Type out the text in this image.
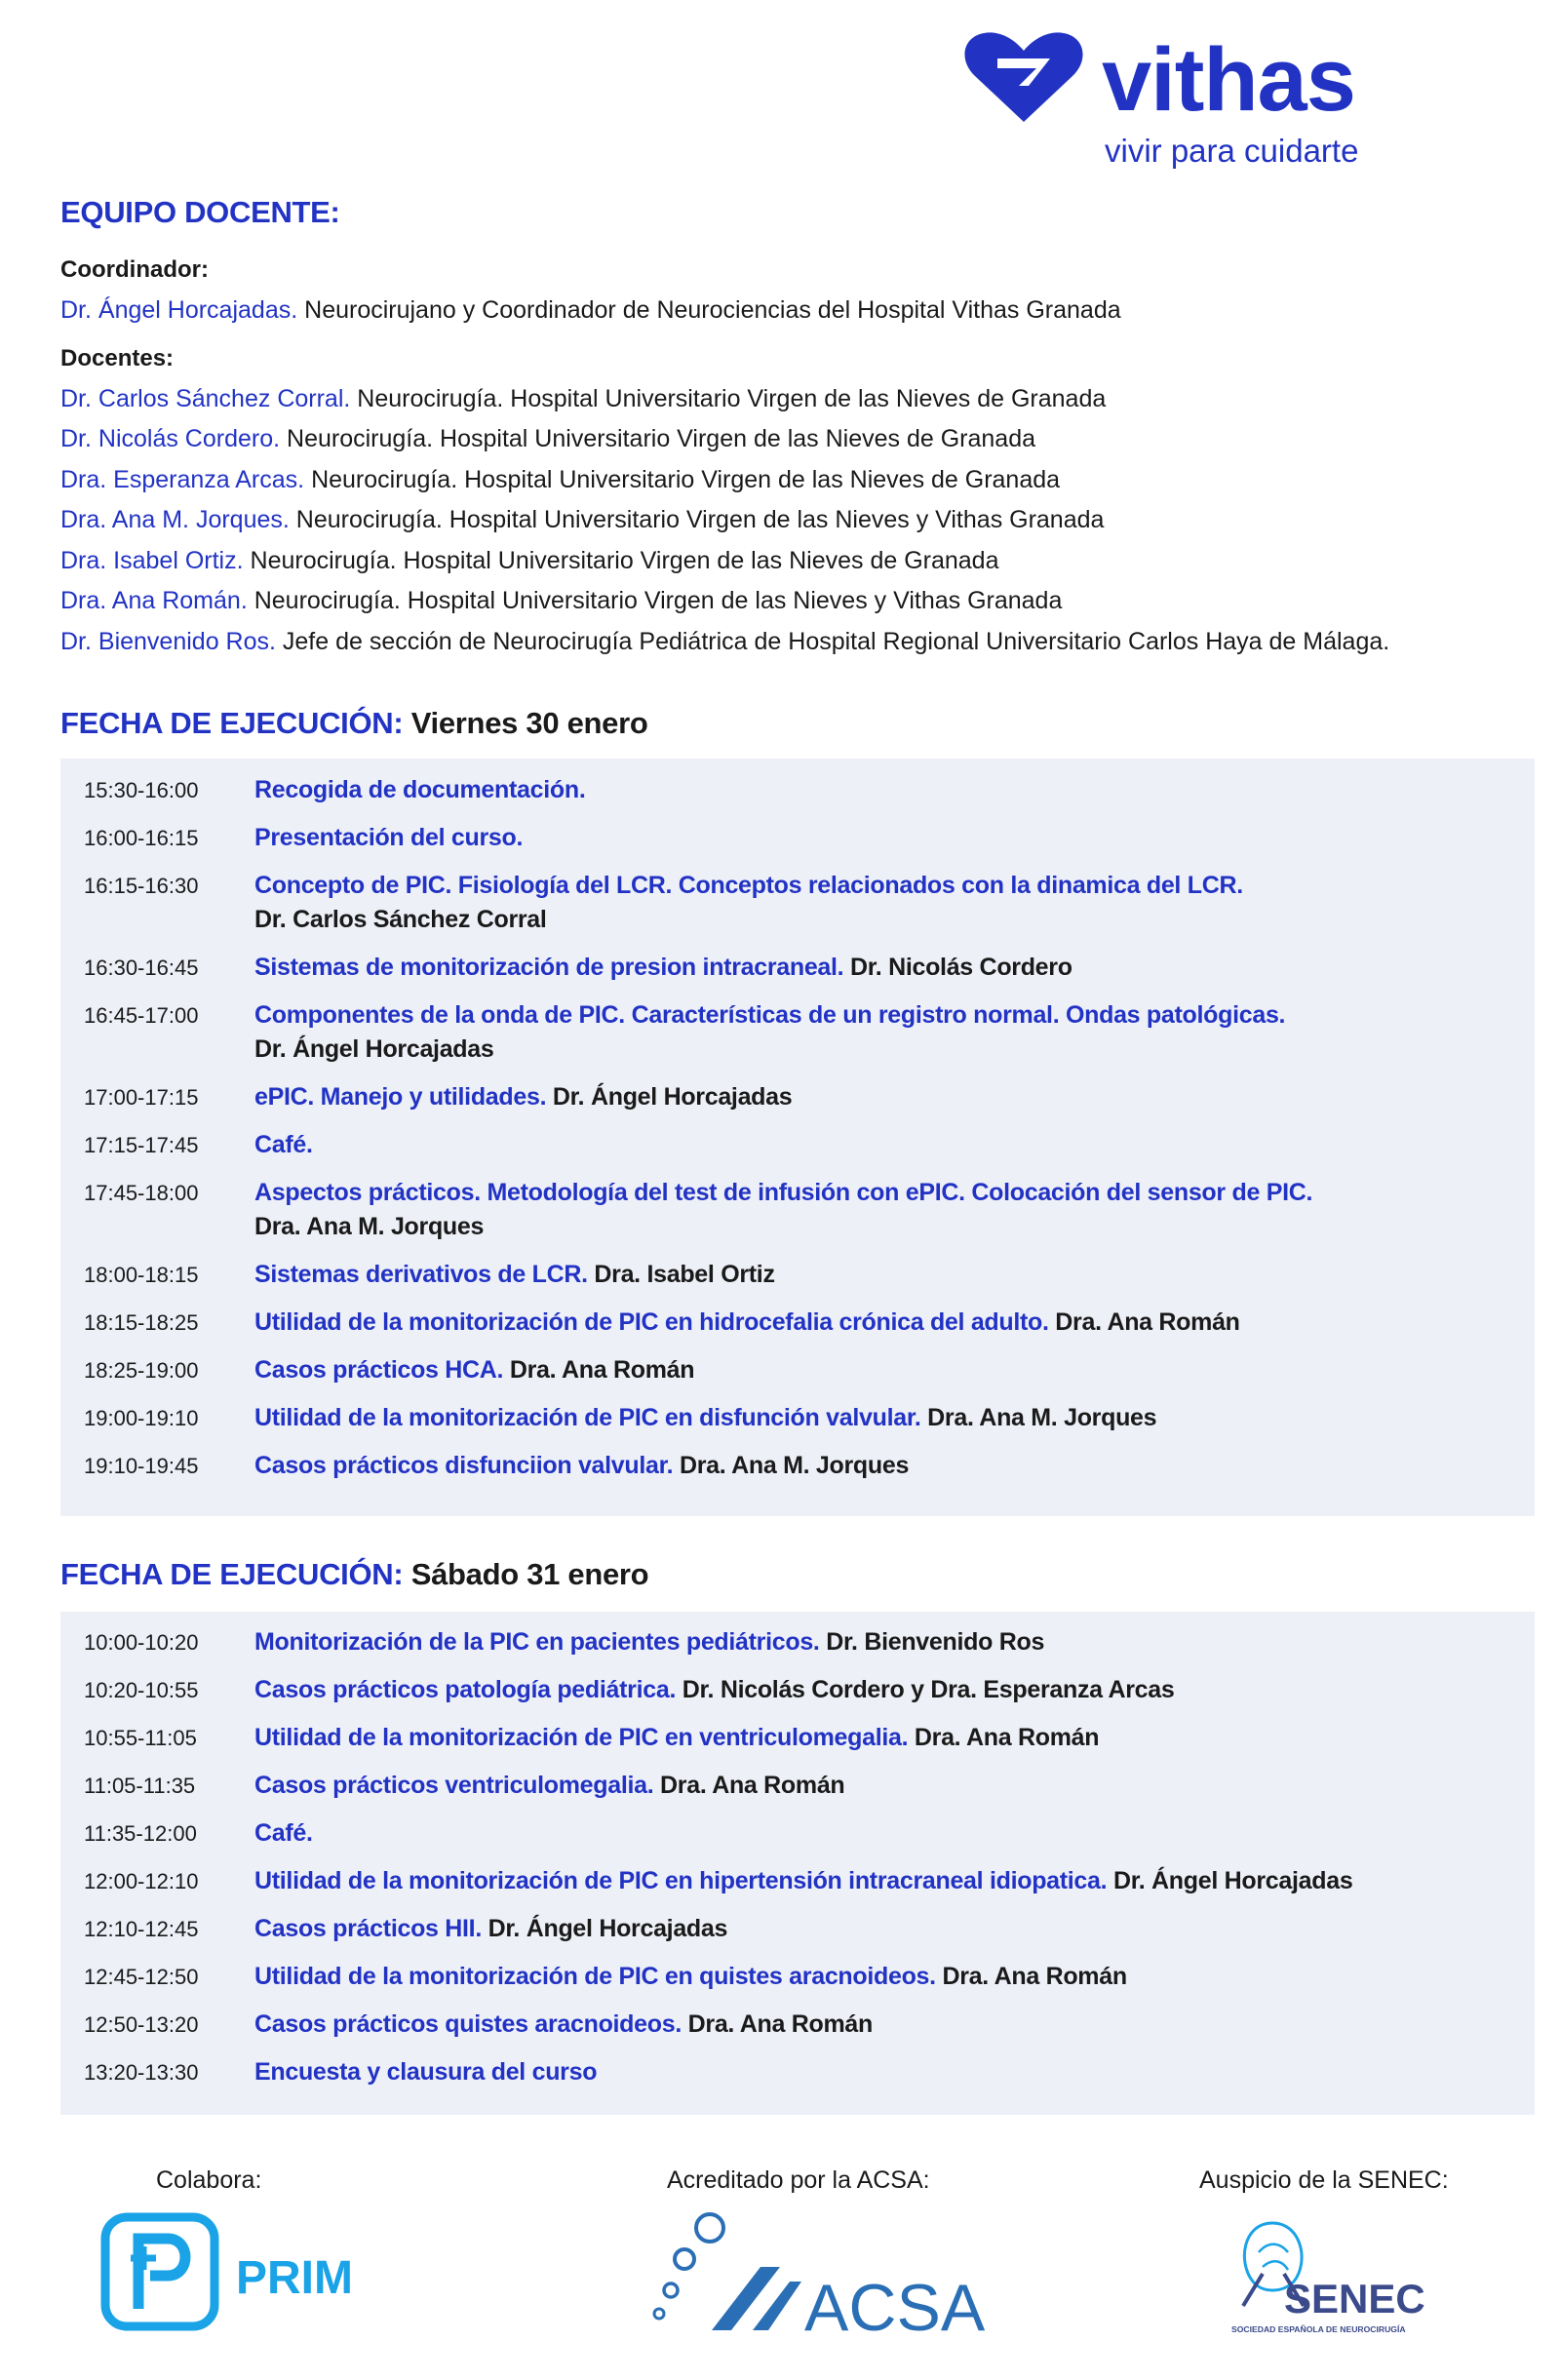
vithas
vivir para cuidarte
EQUIPO DOCENTE:
Coordinador:
Dr. Ángel Horcajadas. Neurocirujano y Coordinador de Neurociencias del Hospital Vithas Granada
Docentes:
Dr. Carlos Sánchez Corral. Neurocirugía. Hospital Universitario Virgen de las Nieves de Granada
Dr. Nicolás Cordero. Neurocirugía. Hospital Universitario Virgen de las Nieves de Granada
Dra. Esperanza Arcas. Neurocirugía. Hospital Universitario Virgen de las Nieves de Granada
Dra. Ana M. Jorques. Neurocirugía. Hospital Universitario Virgen de las Nieves y Vithas Granada
Dra. Isabel Ortiz. Neurocirugía. Hospital Universitario Virgen de las Nieves de Granada
Dra. Ana Román. Neurocirugía. Hospital Universitario Virgen de las Nieves y Vithas Granada
Dr. Bienvenido Ros. Jefe de sección de Neurocirugía Pediátrica de Hospital Regional Universitario Carlos Haya de Málaga.
FECHA DE EJECUCIÓN: Viernes 30 enero
15:30-16:00	Recogida de documentación.
16:00-16:15	Presentación del curso.
16:15-16:30	Concepto de PIC. Fisiología del LCR. Conceptos relacionados con la dinamica del LCR.
Dr. Carlos Sánchez Corral
16:30-16:45	Sistemas de monitorización de presion intracraneal. Dr. Nicolás Cordero
16:45-17:00	Componentes de la onda de PIC. Características de un registro normal. Ondas patológicas.
Dr. Ángel Horcajadas
17:00-17:15	ePIC. Manejo y utilidades. Dr. Ángel Horcajadas
17:15-17:45	Café.
17:45-18:00	Aspectos prácticos. Metodología del test de infusión con ePIC. Colocación del sensor de PIC.
Dra. Ana M. Jorques
18:00-18:15	Sistemas derivativos de LCR. Dra. Isabel Ortiz
18:15-18:25	Utilidad de la monitorización de PIC en hidrocefalia crónica del adulto. Dra. Ana Román
18:25-19:00	Casos prácticos HCA. Dra. Ana Román
19:00-19:10	Utilidad de la monitorización de PIC en disfunción valvular. Dra. Ana M. Jorques
19:10-19:45	Casos prácticos disfunciion valvular. Dra. Ana M. Jorques
FECHA DE EJECUCIÓN: Sábado 31 enero
10:00-10:20	Monitorización de la PIC en pacientes pediátricos. Dr. Bienvenido Ros
10:20-10:55	Casos prácticos patología pediátrica. Dr. Nicolás Cordero y Dra. Esperanza Arcas
10:55-11:05	Utilidad de la monitorización de PIC en ventriculomegalia. Dra. Ana Román
11:05-11:35	Casos prácticos ventriculomegalia. Dra. Ana Román
11:35-12:00	Café.
12:00-12:10	Utilidad de la monitorización de PIC en hipertensión intracraneal idiopatica. Dr. Ángel Horcajadas
12:10-12:45	Casos prácticos HII. Dr. Ángel Horcajadas
12:45-12:50	Utilidad de la monitorización de PIC en quistes aracnoideos. Dra. Ana Román
12:50-13:20	Casos prácticos quistes aracnoideos. Dra. Ana Román
13:20-13:30	Encuesta y clausura del curso
Colabora:	Acreditado por la ACSA:	Auspicio de la SENEC:
PRIM	ACSA	SENEC
SOCIEDAD ESPAÑOLA DE NEUROCIRUGÍA
